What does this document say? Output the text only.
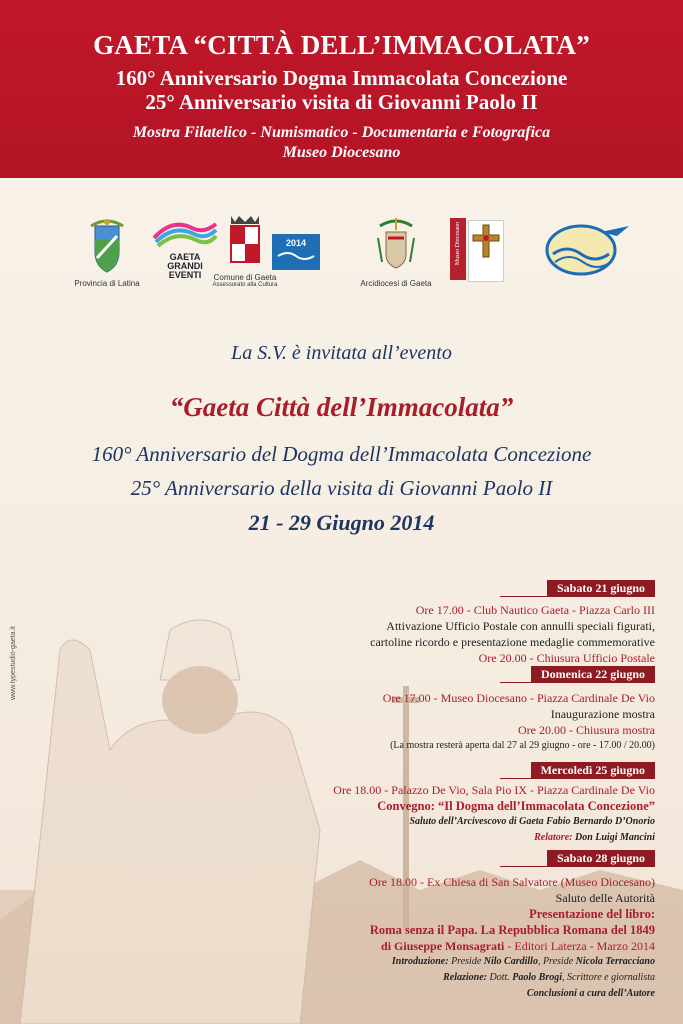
GAETA “CITTÀ DELL’IMMACOLATA”
160° Anniversario Dogma Immacolata Concezione
25° Anniversario visita di Giovanni Paolo II
Mostra Filatelico - Numismatico - Documentaria e Fotografica
Museo Diocesano
Provincia di Latina
GAETA GRANDI EVENTI	Comune di Gaeta
Assessorato alla Cultura
2014
Arcidiocesi di Gaeta
Museo Diocesano
La S.V. è invitata all’evento
“Gaeta Città dell’Immacolata”
160° Anniversario del Dogma dell’Immacolata Concezione
25° Anniversario della visita di Giovanni Paolo II
21 - 29 Giugno 2014
www.typestudio-gaeta.it
Sabato 21 giugno
Ore 17.00 - Club Nautico Gaeta - Piazza Carlo III
Attivazione Ufficio Postale con annulli speciali figurati,
cartoline ricordo e presentazione medaglie commemorative
Ore 20.00 - Chiusura Ufficio Postale
Domenica 22 giugno
Ore 17.00 - Museo Diocesano - Piazza Cardinale De Vio
Inaugurazione mostra
Ore 20.00 - Chiusura mostra
(La mostra resterà aperta dal 27 al 29 giugno - ore - 17.00 / 20.00)
Mercoledì 25 giugno
Ore 18.00 - Palazzo De Vio, Sala Pio IX - Piazza Cardinale De Vio
Convegno: “Il Dogma dell’Immacolata Concezione”
Saluto dell’Arcivescovo di Gaeta Fabio Bernardo D’Onorio
Relatore: Don Luigi Mancini
Sabato 28 giugno
Ore 18.00 - Ex Chiesa di San Salvatore (Museo Diocesano)
Saluto delle Autorità
Presentazione del libro:
Roma senza il Papa. La Repubblica Romana del 1849
di Giuseppe Monsagrati - Editori Laterza - Marzo 2014
Introduzione: Preside Nilo Cardillo, Preside Nicola Terracciano
Relazione: Dott. Paolo Brogi, Scrittore e giornalista
Conclusioni a cura dell’Autore
